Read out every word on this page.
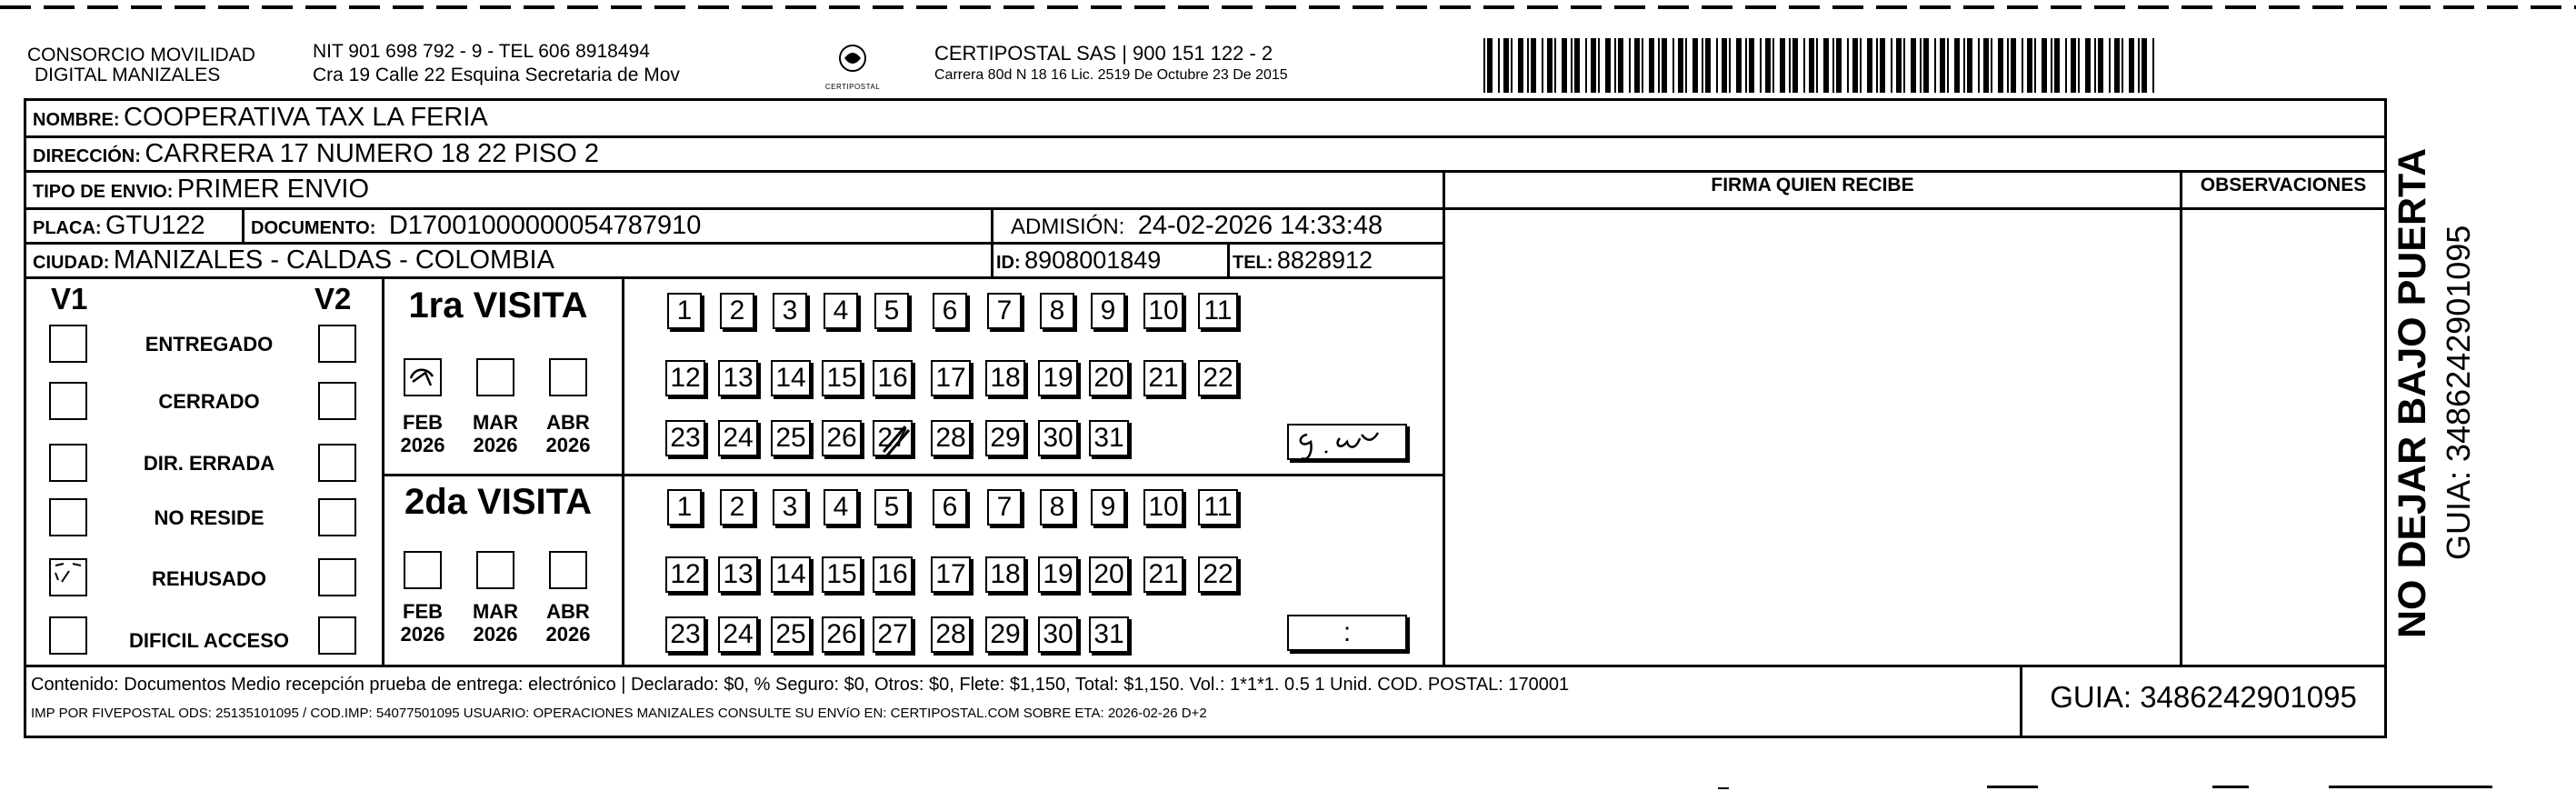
CONSORCIO MOVILIDAD
DIGITAL MANIZALES
NIT 901 698 792 - 9 - TEL 606 8918494
Cra 19 Calle 22 Esquina Secretaria de Mov
CERTIPOSTAL
CERTIPOSTAL SAS | 900 151 122 - 2
Carrera 80d N 18 16 Lic. 2519 De Octubre 23 De 2015
NOMBRE: COOPERATIVA TAX LA FERIA
DIRECCIÓN: CARRERA 17 NUMERO 18 22 PISO 2
TIPO DE ENVIO: PRIMER ENVIO	FIRMA QUIEN RECIBE	OBSERVACIONES
PLACA: GTU122	DOCUMENTO: D17001000000054787910	ADMISIÓN: 24-02-2026 14:33:48
CIUDAD: MANIZALES - CALDAS - COLOMBIA	ID: 8908001849	TEL: 8828912
V1	V2
ENTREGADO
CERRADO
DIR. ERRADA
NO RESIDE
REHUSADO
DIFICIL ACCESO
1ra VISITA
FEB
2026
MAR
2026
ABR
2026
1	2	3	4	5	6	7	8	9	10 11
12 13 14 15 16 17 18 19 20 21 22
23 24 25 26 27 28 29 30 31
2da VISITA
FEB
2026
MAR
2026
ABR
2026
1	2	3	4	5	6	7	8	9	10 11
12 13 14 15 16 17 18 19 20 21 22
23 24 25 26 27 28 29 30 31	:
Contenido: Documentos Medio recepción prueba de entrega: electrónico | Declarado: $0, % Seguro: $0, Otros: $0, Flete: $1,150, Total: $1,150. Vol.: 1*1*1. 0.5 1 Unid. COD. POSTAL: 170001
IMP POR FIVEPOSTAL ODS: 25135101095 / COD.IMP: 54077501095 USUARIO: OPERACIONES MANIZALES CONSULTE SU ENVíO EN: CERTIPOSTAL.COM SOBRE ETA: 2026-02-26 D+2	GUIA: 3486242901095
NO DEJAR BAJO PUERTA GUIA: 3486242901095
